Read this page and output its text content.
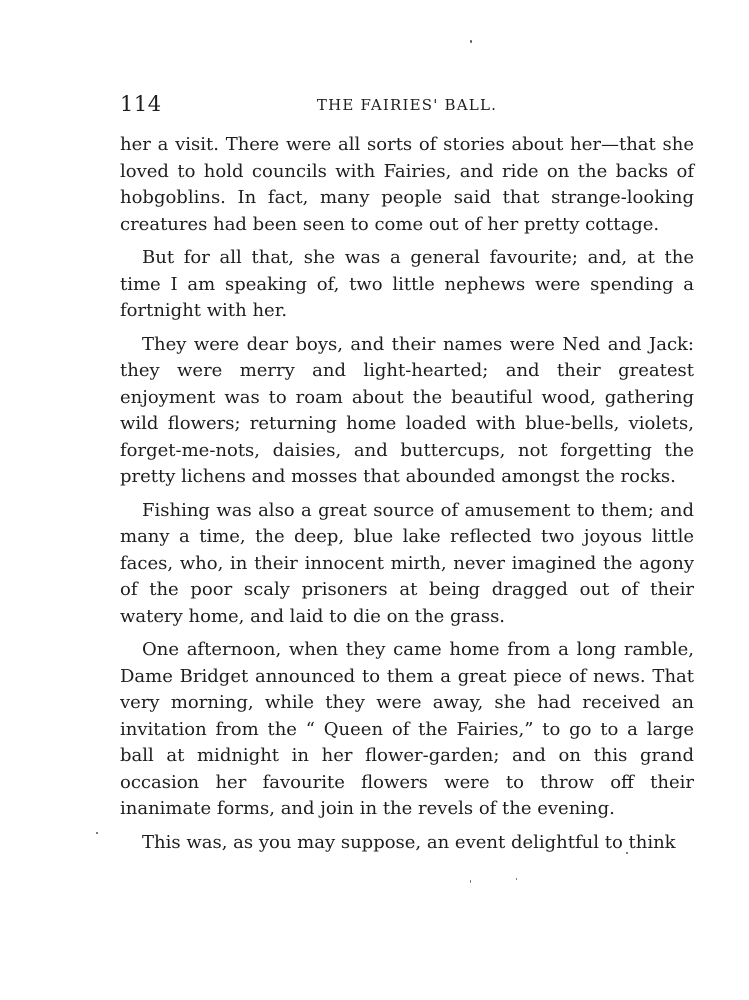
114	THE FAIRIES' BALL.

her a visit. There were all sorts of stories about her—that she loved to hold councils with Fairies, and ride on the backs of hobgoblins. In fact, many people said that strange-looking creatures had been seen to come out of her pretty cottage.

But for all that, she was a general favourite; and, at the time I am speaking of, two little nephews were spending a fortnight with her.

They were dear boys, and their names were Ned and Jack: they were merry and light-hearted; and their greatest enjoyment was to roam about the beautiful wood, gathering wild flowers; returning home loaded with blue-bells, violets, forget-me-nots, daisies, and buttercups, not forgetting the pretty lichens and mosses that abounded amongst the rocks.

Fishing was also a great source of amusement to them; and many a time, the deep, blue lake reflected two joyous little faces, who, in their innocent mirth, never imagined the agony of the poor scaly prisoners at being dragged out of their watery home, and laid to die on the grass.

One afternoon, when they came home from a long ramble, Dame Bridget announced to them a great piece of news. That very morning, while they were away, she had received an invitation from the “ Queen of the Fairies,” to go to a large ball at midnight in her flower-garden; and on this grand occasion her favourite flowers were to throw off their inanimate forms, and join in the revels of the evening.

This was, as you may suppose, an event delightful to think
